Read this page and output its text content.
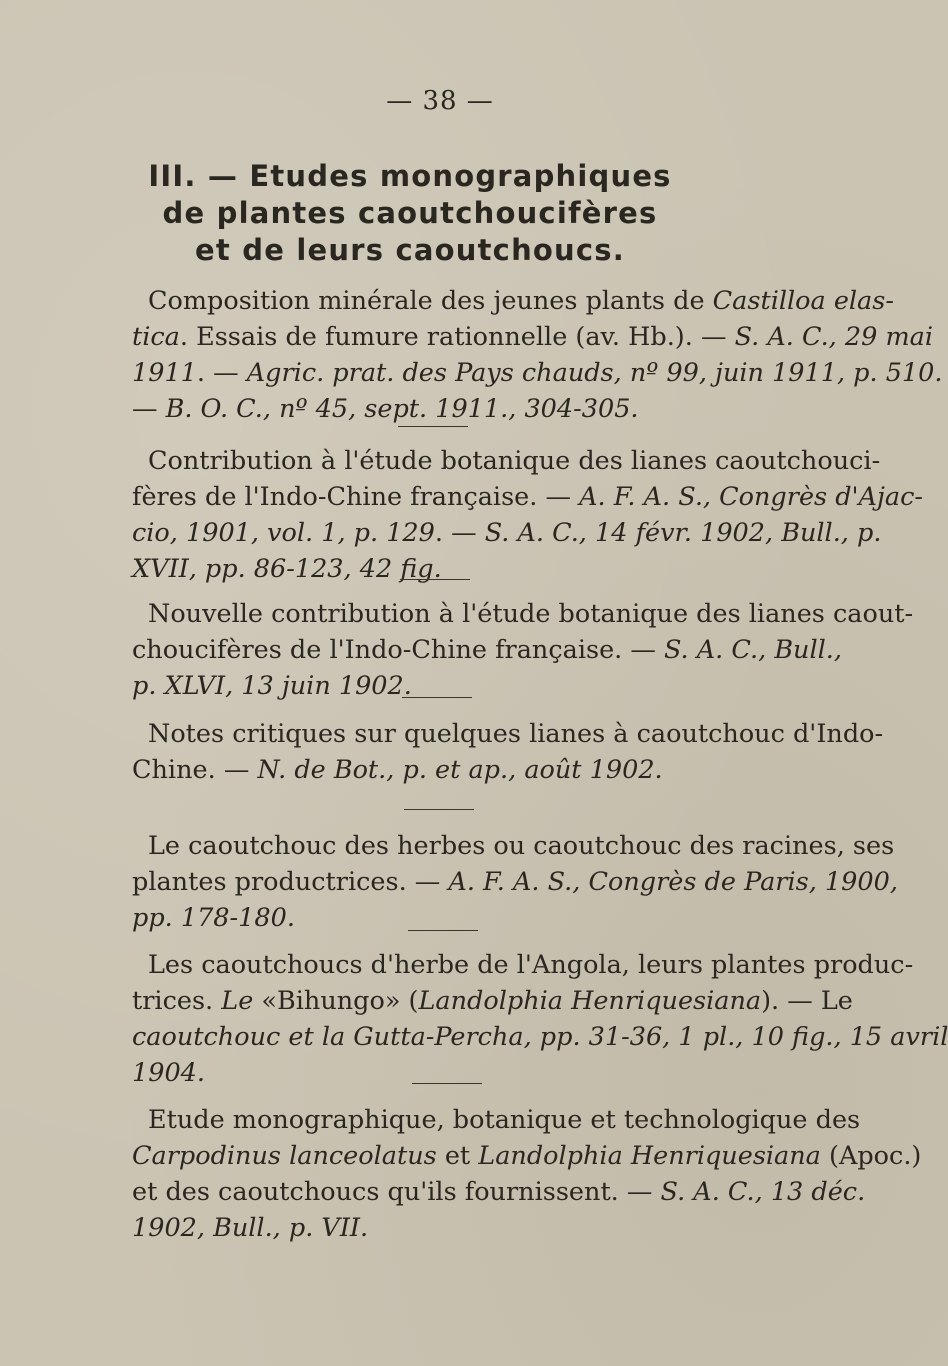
— 38 —
III. — Etudes monographiques
de plantes caoutchoucifères
et de leurs caoutchoucs.
Composition minérale des jeunes plants de Castilloa elas-
tica. Essais de fumure rationnelle (av. Hb.). — S. A. C., 29 mai
1911. — Agric. prat. des Pays chauds, nº 99, juin 1911, p. 510.
— B. O. C., nº 45, sept. 1911., 304-305.
Contribution à l'étude botanique des lianes caoutchouci-
fères de l'Indo-Chine française. — A. F. A. S., Congrès d'Ajac-
cio, 1901, vol. 1, p. 129. — S. A. C., 14 févr. 1902, Bull., p.
XVII, pp. 86-123, 42 fig.
Nouvelle contribution à l'étude botanique des lianes caout-
choucifères de l'Indo-Chine française. — S. A. C., Bull.,
p. XLVI, 13 juin 1902.
Notes critiques sur quelques lianes à caoutchouc d'Indo-
Chine. — N. de Bot., p. et ap., août 1902.
Le caoutchouc des herbes ou caoutchouc des racines, ses
plantes productrices. — A. F. A. S., Congrès de Paris, 1900,
pp. 178-180.
Les caoutchoucs d'herbe de l'Angola, leurs plantes produc-
trices. Le «Bihungo» (Landolphia Henriquesiana). — Le
caoutchouc et la Gutta-Percha, pp. 31-36, 1 pl., 10 fig., 15 avril
1904.
Etude monographique, botanique et technologique des
Carpodinus lanceolatus et Landolphia Henriquesiana (Apoc.)
et des caoutchoucs qu'ils fournissent. — S. A. C., 13 déc.
1902, Bull., p. VII.
